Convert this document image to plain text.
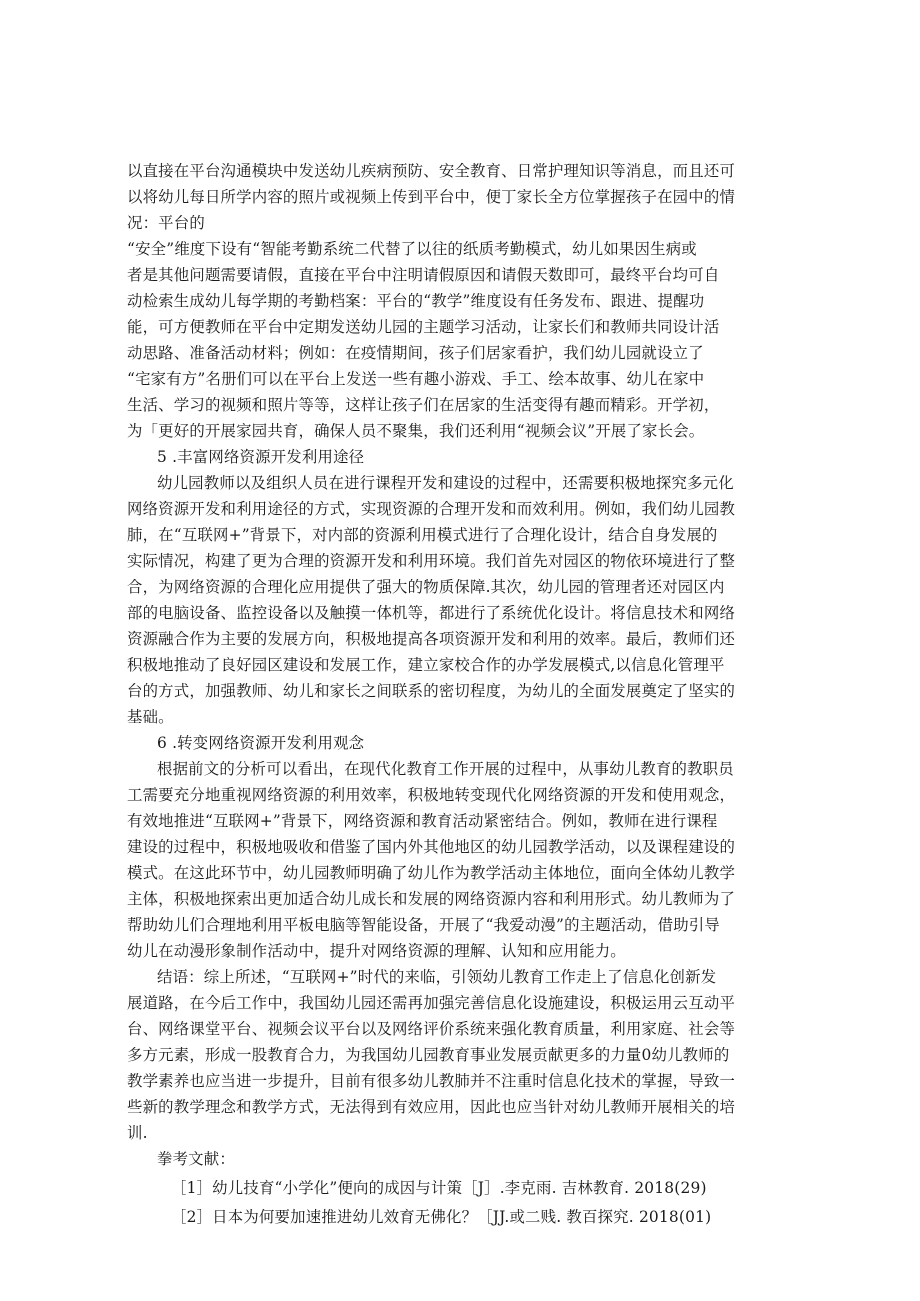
以直接在平台沟通模块中发送幼儿疾病预防、安全教育、日常护理知识等消息，而且还可
以将幼儿每日所学内容的照片或视频上传到平台中，便丁家长全方位掌握孩子在园中的情
况：平台的
“安全”维度下设有“智能考勤系统二代替了以往的纸质考勤模式，幼儿如果因生病或
者是其他问题需要请假，直接在平台中注明请假原因和请假天数即可，最终平台均可自
动检索生成幼儿每学期的考勤档案：平台的“教学”维度设有任务发布、跟进、提醒功
能，可方便教师在平台中定期发送幼儿园的主题学习活动，让家长们和教师共同设计活
动思路、准备活动材料；例如：在疫情期间，孩子们居家看护，我们幼儿园就设立了
“宅家有方”名册们可以在平台上发送一些有趣小游戏、手工、绘本故事、幼儿在家中
生活、学习的视频和照片等等，这样让孩子们在居家的生活变得有趣而精彩。开学初，
为「更好的开展家园共育，确保人员不聚集，我们还利用“视频会议”开展了家长会。
5 .丰富网络资源开发利用途径
幼儿园教师以及组织人员在进行课程开发和建设的过程中，还需要积极地探究多元化
网络资源开发和利用途径的方式，实现资源的合理开发和而效利用。例如，我们幼儿园教
肺，在“互联网+”背景下，对内部的资源利用模式进行了合理化设计，结合自身发展的
实际情况，构建了更为合理的资源开发和利用环境。我们首先对园区的物依环境进行了整
合，为网络资源的合理化应用提供了强大的物质保障.其次，幼儿园的管理者还对园区内
部的电脑设备、监控设备以及触摸一体机等，都进行了系统优化设计。将信息技术和网络
资源融合作为主要的发展方向，积极地提高各项资源开发和利用的效率。最后，教师们还
积极地推动了良好园区建设和发展工作，建立家校合作的办学发展模式,以信息化管理平
台的方式，加强教师、幼儿和家长之间联系的密切程度，为幼儿的全面发展奠定了坚实的
基础。
6 .转变网络资源开发利用观念
根据前文的分析可以看出，在现代化教育工作开展的过程中，从事幼儿教育的教职员
工需要充分地重视网络资源的利用效率，积极地转变现代化网络资源的开发和使用观念，
有效地推进“互联网+”背景下，网络资源和教育活动紧密结合。例如，教师在进行课程
建设的过程中，积极地吸收和借鉴了国内外其他地区的幼儿园教学活动，以及课程建设的
模式。在这此环节中，幼儿园教师明确了幼儿作为教学活动主体地位，面向全体幼儿教学
主体，积极地探索出更加适合幼儿成长和发展的网络资源内容和利用形式。幼儿教师为了
帮助幼儿们合理地利用平板电脑等智能设备，开展了“我爱动漫”的主题活动，借助引导
幼儿在动漫形象制作活动中，提升对网络资源的理解、认知和应用能力。
结语：综上所述，“互联网+”时代的来临，引领幼儿教育工作走上了信息化创新发
展道路，在今后工作中，我国幼儿园还需再加强完善信息化设施建设，积极运用云互动平
台、网络课堂平台、视频会议平台以及网络评价系统来强化教育质量，利用家庭、社会等
多方元素，形成一股教育合力，为我国幼儿园教育事业发展贡献更多的力量0幼儿教师的
教学素养也应当进一步提升，目前有很多幼儿教肺并不注重时信息化技术的掌握，导致一
些新的教学理念和教学方式，无法得到有效应用，因此也应当针对幼儿教师开展相关的培
训.
拳考文献：
［1］幼儿技育“小学化”便向的成因与计策［J］.李克雨. 吉林教育. 2018(29)
［2］日本为何要加速推进幼儿效育无佛化？［JJ.或二贱. 教百探究. 2018(01)
